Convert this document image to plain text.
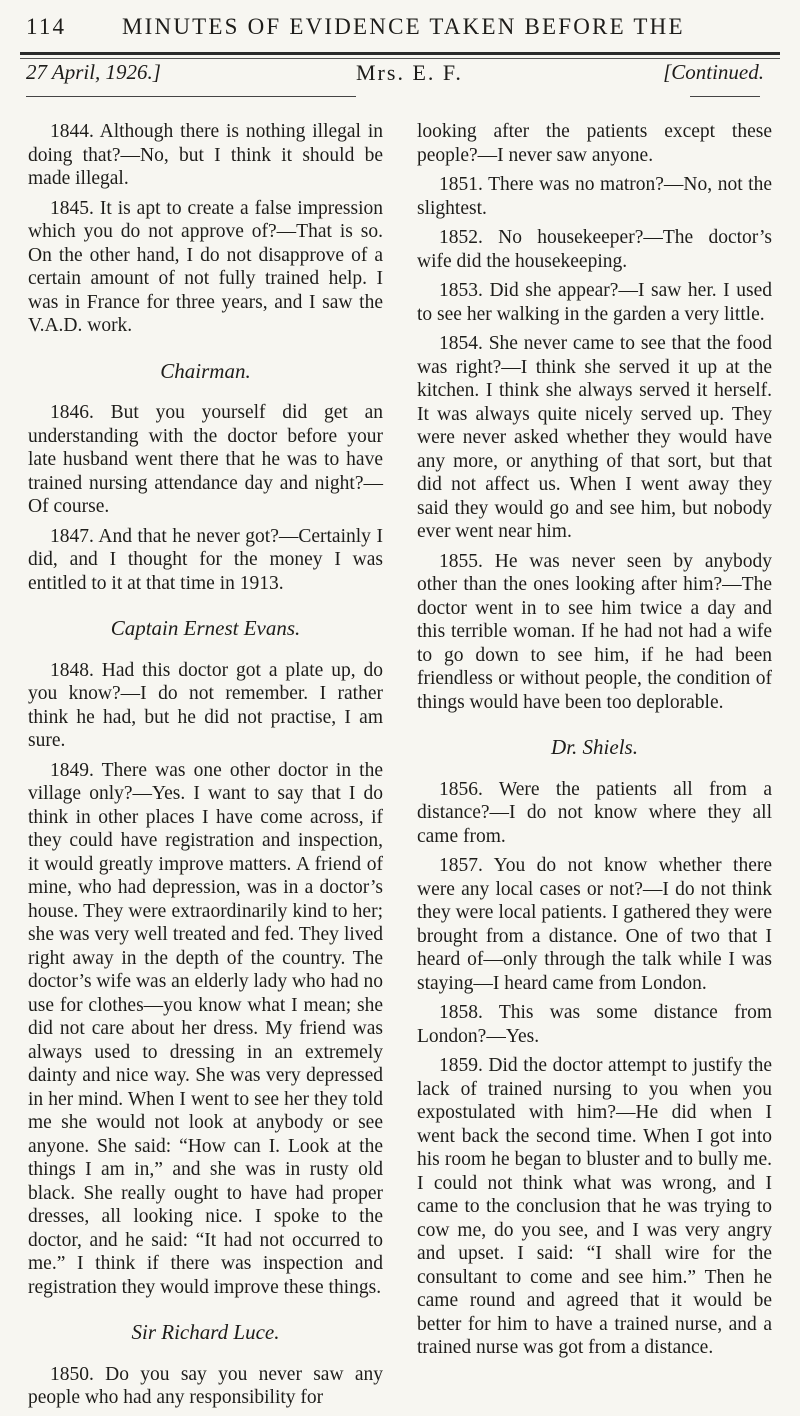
114 MINUTES OF EVIDENCE TAKEN BEFORE THE
27 April, 1926.]	Mrs. E. F.	[Continued.

1844. Although there is nothing illegal in doing that?—No, but I think it should be made illegal.

1845. It is apt to create a false impression which you do not approve of?—That is so. On the other hand, I do not disapprove of a certain amount of not fully trained help. I was in France for three years, and I saw the V.A.D. work.

Chairman.

1846. But you yourself did get an understanding with the doctor before your late husband went there that he was to have trained nursing attendance day and night?—Of course.

1847. And that he never got?—Certainly I did, and I thought for the money I was entitled to it at that time in 1913.

Captain Ernest Evans.

1848. Had this doctor got a plate up, do you know?—I do not remember. I rather think he had, but he did not practise, I am sure.

1849. There was one other doctor in the village only?—Yes. I want to say that I do think in other places I have come across, if they could have registration and inspection, it would greatly improve matters. A friend of mine, who had depression, was in a doctor’s house. They were extraordinarily kind to her; she was very well treated and fed. They lived right away in the depth of the country. The doctor’s wife was an elderly lady who had no use for clothes—you know what I mean; she did not care about her dress. My friend was always used to dressing in an extremely dainty and nice way. She was very depressed in her mind. When I went to see her they told me she would not look at anybody or see anyone. She said: “How can I. Look at the things I am in,” and she was in rusty old black. She really ought to have had proper dresses, all looking nice. I spoke to the doctor, and he said: “It had not occurred to me.” I think if there was inspection and registration they would improve these things.

Sir Richard Luce.

1850. Do you say you never saw any people who had any responsibility for

looking after the patients except these people?—I never saw anyone.

1851. There was no matron?—No, not the slightest.

1852. No housekeeper?—The doctor’s wife did the housekeeping.

1853. Did she appear?—I saw her. I used to see her walking in the garden a very little.

1854. She never came to see that the food was right?—I think she served it up at the kitchen. I think she always served it herself. It was always quite nicely served up. They were never asked whether they would have any more, or anything of that sort, but that did not affect us. When I went away they said they would go and see him, but nobody ever went near him.

1855. He was never seen by anybody other than the ones looking after him?—The doctor went in to see him twice a day and this terrible woman. If he had not had a wife to go down to see him, if he had been friendless or without people, the condition of things would have been too deplorable.

Dr. Shiels.

1856. Were the patients all from a distance?—I do not know where they all came from.

1857. You do not know whether there were any local cases or not?—I do not think they were local patients. I gathered they were brought from a distance. One of two that I heard of—only through the talk while I was staying—I heard came from London.

1858. This was some distance from London?—Yes.

1859. Did the doctor attempt to justify the lack of trained nursing to you when you expostulated with him?—He did when I went back the second time. When I got into his room he began to bluster and to bully me. I could not think what was wrong, and I came to the conclusion that he was trying to cow me, do you see, and I was very angry and upset. I said: “I shall wire for the consultant to come and see him.” Then he came round and agreed that it would be better for him to have a trained nurse, and a trained nurse was got from a distance.
